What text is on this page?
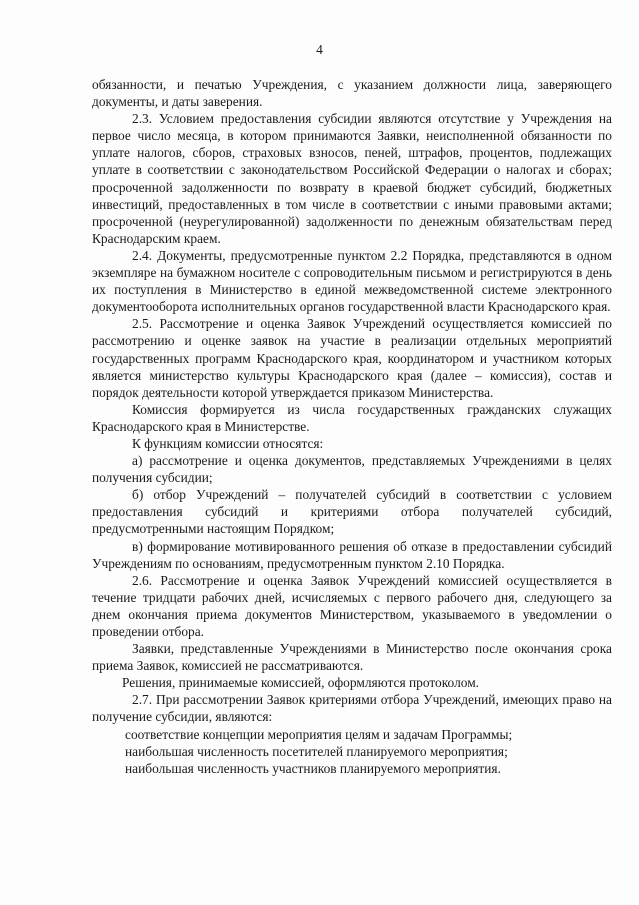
4

обязанности, и печатью Учреждения, с указанием должности лица, заверяющего документы, и даты заверения.

2.3. Условием предоставления субсидии являются отсутствие у Учреждения на первое число месяца, в котором принимаются Заявки, неисполненной обязанности по уплате налогов, сборов, страховых взносов, пеней, штрафов, процентов, подлежащих уплате в соответствии с законодательством Российской Федерации о налогах и сборах; просроченной задолженности по возврату в краевой бюджет субсидий, бюджетных инвестиций, предоставленных в том числе в соответствии с иными правовыми актами; просроченной (неурегулированной) задолженности по денежным обязательствам перед Краснодарским краем.

2.4. Документы, предусмотренные пунктом 2.2 Порядка, представляются в одном экземпляре на бумажном носителе с сопроводительным письмом и регистрируются в день их поступления в Министерство в единой межведомственной системе электронного документооборота исполнительных органов государственной власти Краснодарского края.

2.5. Рассмотрение и оценка Заявок Учреждений осуществляется комиссией по рассмотрению и оценке заявок на участие в реализации отдельных мероприятий государственных программ Краснодарского края, координатором и участником которых является министерство культуры Краснодарского края (далее – комиссия), состав и порядок деятельности которой утверждается приказом Министерства.

Комиссия формируется из числа государственных гражданских служащих Краснодарского края в Министерстве.

К функциям комиссии относятся:

а) рассмотрение и оценка документов, представляемых Учреждениями в целях получения субсидии;

б) отбор Учреждений – получателей субсидий в соответствии с условием предоставления субсидий и критериями отбора получателей субсидий, предусмотренными настоящим Порядком;

в) формирование мотивированного решения об отказе в предоставлении субсидий Учреждениям по основаниям, предусмотренным пунктом 2.10 Порядка.

2.6. Рассмотрение и оценка Заявок Учреждений комиссией осуществляется в течение тридцати рабочих дней, исчисляемых с первого рабочего дня, следующего за днем окончания приема документов Министерством, указываемого в уведомлении о проведении отбора.

Заявки, представленные Учреждениями в Министерство после окончания срока приема Заявок, комиссией не рассматриваются.

Решения, принимаемые комиссией, оформляются протоколом.

2.7. При рассмотрении Заявок критериями отбора Учреждений, имеющих право на получение субсидии, являются:

соответствие концепции мероприятия целям и задачам Программы;

наибольшая численность посетителей планируемого мероприятия;

наибольшая численность участников планируемого мероприятия.
